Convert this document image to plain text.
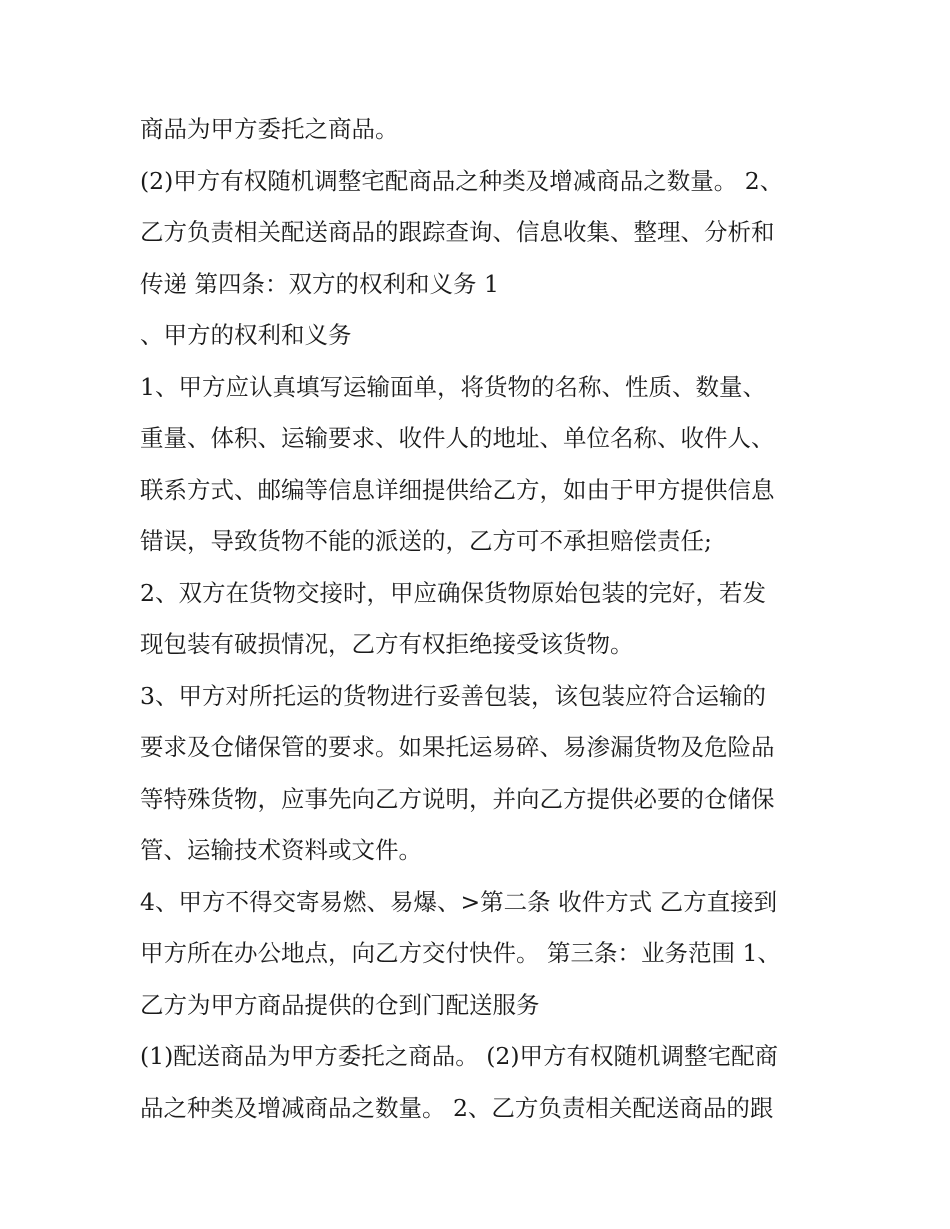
商品为甲方委托之商品。
(2)甲方有权随机调整宅配商品之种类及增减商品之数量。 2、
乙方负责相关配送商品的跟踪查询、信息收集、整理、分析和
传递 第四条：双方的权利和义务 1
、甲方的权利和义务
1、甲方应认真填写运输面单，将货物的名称、性质、数量、
重量、体积、运输要求、收件人的地址、单位名称、收件人、
联系方式、邮编等信息详细提供给乙方，如由于甲方提供信息
错误，导致货物不能的派送的，乙方可不承担赔偿责任;
2、双方在货物交接时，甲应确保货物原始包装的完好，若发
现包装有破损情况，乙方有权拒绝接受该货物。
3、甲方对所托运的货物进行妥善包装，该包装应符合运输的
要求及仓储保管的要求。如果托运易碎、易渗漏货物及危险品
等特殊货物，应事先向乙方说明，并向乙方提供必要的仓储保
管、运输技术资料或文件。
4、甲方不得交寄易燃、易爆、>第二条 收件方式 乙方直接到
甲方所在办公地点，向乙方交付快件。 第三条：业务范围 1、
乙方为甲方商品提供的仓到门配送服务
(1)配送商品为甲方委托之商品。 (2)甲方有权随机调整宅配商
品之种类及增减商品之数量。 2、乙方负责相关配送商品的跟
